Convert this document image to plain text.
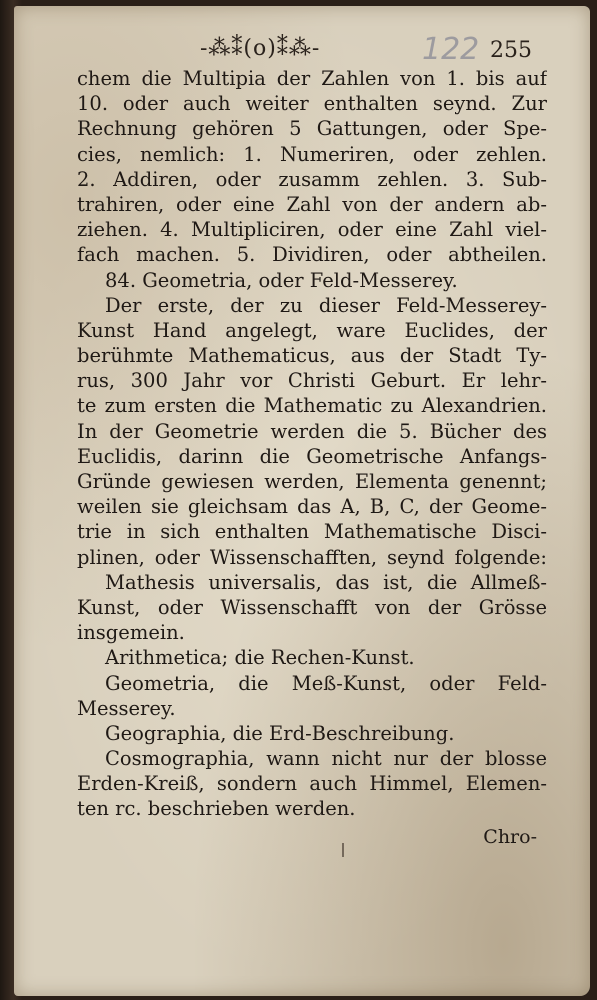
-⁂⁑(o)⁑⁂-	122 255
chem die Multipia der Zahlen von 1. bis auf
10. oder auch weiter enthalten seynd. Zur
Rechnung gehören 5 Gattungen, oder Spe-
cies, nemlich: 1. Numeriren, oder zehlen.
2. Addiren, oder zusamm zehlen. 3. Sub-
trahiren, oder eine Zahl von der andern ab-
ziehen. 4. Multipliciren, oder eine Zahl viel-
fach machen. 5. Dividiren, oder abtheilen.
84. Geometria, oder Feld-Messerey.
Der erste, der zu dieser Feld-Messerey-
Kunst Hand angelegt, ware Euclides, der
berühmte Mathematicus, aus der Stadt Ty-
rus, 300 Jahr vor Christi Geburt. Er lehr-
te zum ersten die Mathematic zu Alexandrien.
In der Geometrie werden die 5. Bücher des
Euclidis, darinn die Geometrische Anfangs-
Gründe gewiesen werden, Elementa genennt;
weilen sie gleichsam das A, B, C, der Geome-
trie in sich enthalten Mathematische Disci-
plinen, oder Wissenschafften, seynd folgende:
Mathesis universalis, das ist, die Allmeß-
Kunst, oder Wissenschafft von der Grösse
insgemein.
Arithmetica; die Rechen-Kunst.
Geometria, die Meß-Kunst, oder Feld-
Messerey.
Geographia, die Erd-Beschreibung.
Cosmographia, wann nicht nur der blosse
Erden-Kreiß, sondern auch Himmel, Elemen-
ten rc. beschrieben werden.
Chro-
